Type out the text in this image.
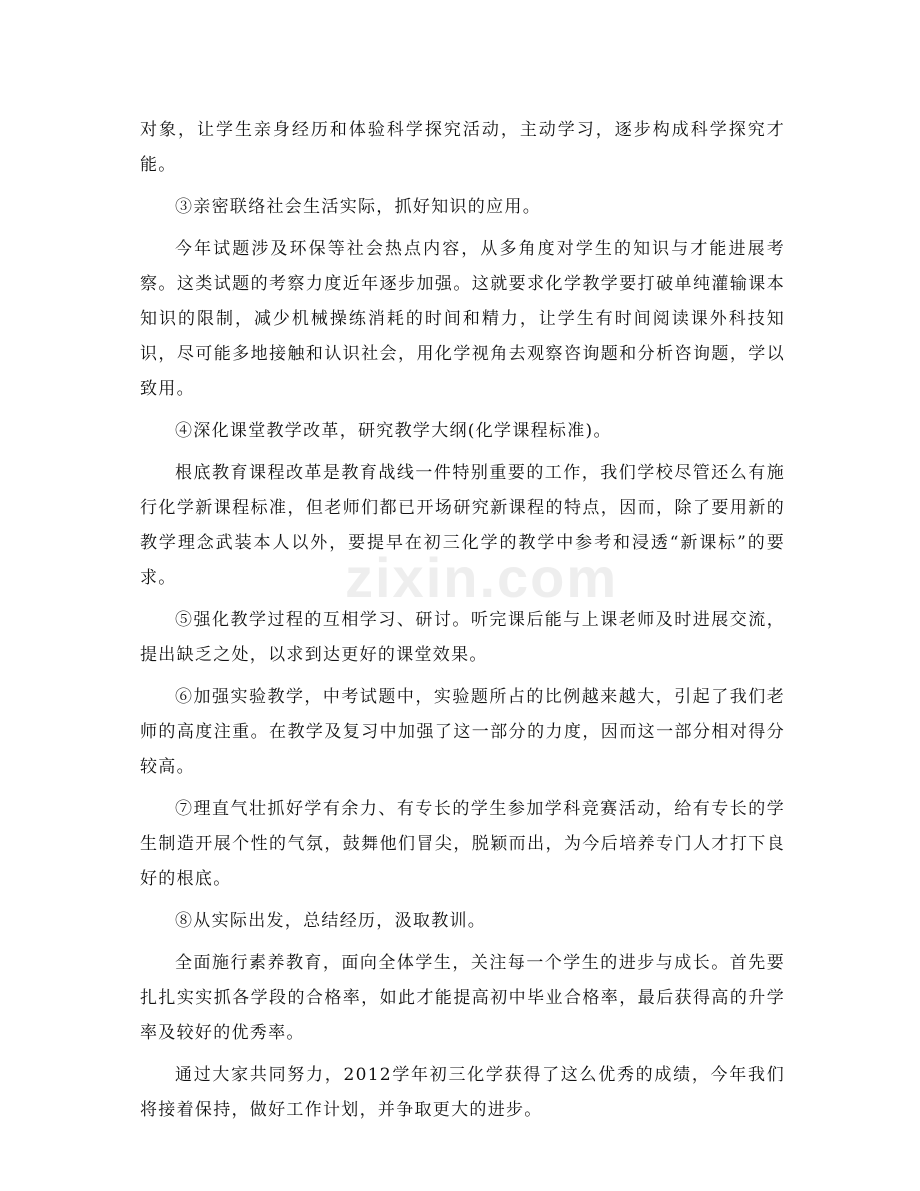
对象，让学生亲身经历和体验科学探究活动，主动学习，逐步构成科学探究才能。

③亲密联络社会生活实际，抓好知识的应用。

今年试题涉及环保等社会热点内容，从多角度对学生的知识与才能进展考察。这类试题的考察力度近年逐步加强。这就要求化学教学要打破单纯灌输课本知识的限制，减少机械操练消耗的时间和精力，让学生有时间阅读课外科技知识，尽可能多地接触和认识社会，用化学视角去观察咨询题和分析咨询题，学以致用。

④深化课堂教学改革，研究教学大纲(化学课程标准)。

根底教育课程改革是教育战线一件特别重要的工作，我们学校尽管还么有施行化学新课程标准，但老师们都已开场研究新课程的特点，因而，除了要用新的教学理念武装本人以外，要提早在初三化学的教学中参考和浸透“新课标”的要求。

⑤强化教学过程的互相学习、研讨。听完课后能与上课老师及时进展交流，提出缺乏之处，以求到达更好的课堂效果。

⑥加强实验教学，中考试题中，实验题所占的比例越来越大，引起了我们老师的高度注重。在教学及复习中加强了这一部分的力度，因而这一部分相对得分较高。

⑦理直气壮抓好学有余力、有专长的学生参加学科竞赛活动，给有专长的学生制造开展个性的气氛，鼓舞他们冒尖，脱颖而出，为今后培养专门人才打下良好的根底。

⑧从实际出发，总结经历，汲取教训。

全面施行素养教育，面向全体学生，关注每一个学生的进步与成长。首先要扎扎实实抓各学段的合格率，如此才能提高初中毕业合格率，最后获得高的升学率及较好的优秀率。

通过大家共同努力，2012学年初三化学获得了这么优秀的成绩，今年我们将接着保持，做好工作计划，并争取更大的进步。

zixin.com
